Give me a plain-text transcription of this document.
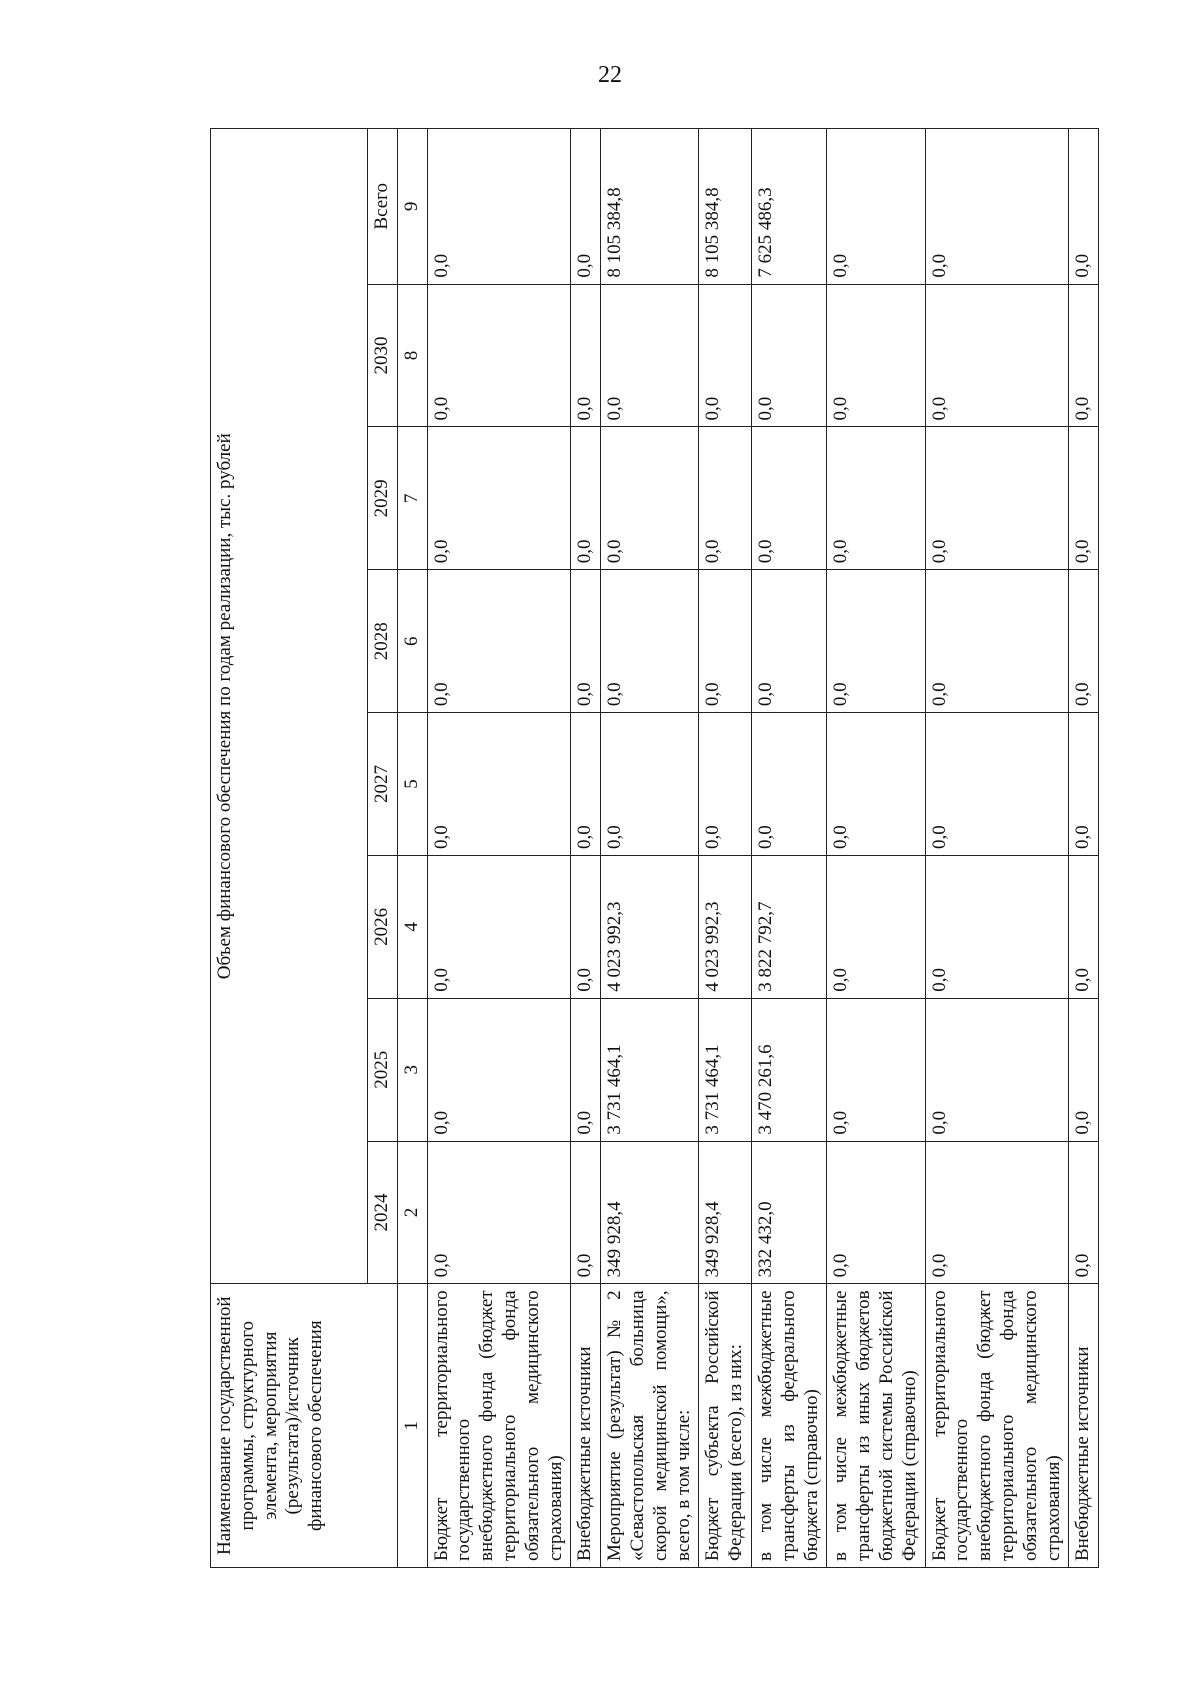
22
Наименование государственной программы, структурного элемента, мероприятия (результата)/источник финансового обеспечения	Объем финансового обеспечения по годам реализации, тыс. рублей							
	2024	2025	2026	2027	2028	2029	2030	Всего
1	2	3	4	5	6	7	8	9
Бюджет территориального государственного внебюджетного фонда (бюджет территориального фонда обязательного медицинского страхования)	0,0	0,0	0,0	0,0	0,0	0,0	0,0	0,0
Внебюджетные источники	0,0	0,0	0,0	0,0	0,0	0,0	0,0	0,0
Мероприятие (результат) № 2 «Севастопольская больница скорой медицинской помощи», всего, в том числе:	349 928,4	3 731 464,1	4 023 992,3	0,0	0,0	0,0	0,0	8 105 384,8
Бюджет субъекта Российской Федерации (всего), из них:	349 928,4	3 731 464,1	4 023 992,3	0,0	0,0	0,0	0,0	8 105 384,8
в том числе межбюджетные трансферты из федерального бюджета (справочно)	332 432,0	3 470 261,6	3 822 792,7	0,0	0,0	0,0	0,0	7 625 486,3
в том числе межбюджетные трансферты из иных бюджетов бюджетной системы Российской Федерации (справочно)	0,0	0,0	0,0	0,0	0,0	0,0	0,0	0,0
Бюджет территориального государственного внебюджетного фонда (бюджет территориального фонда обязательного медицинского страхования)	0,0	0,0	0,0	0,0	0,0	0,0	0,0	0,0
Внебюджетные источники	0,0	0,0	0,0	0,0	0,0	0,0	0,0	0,0
